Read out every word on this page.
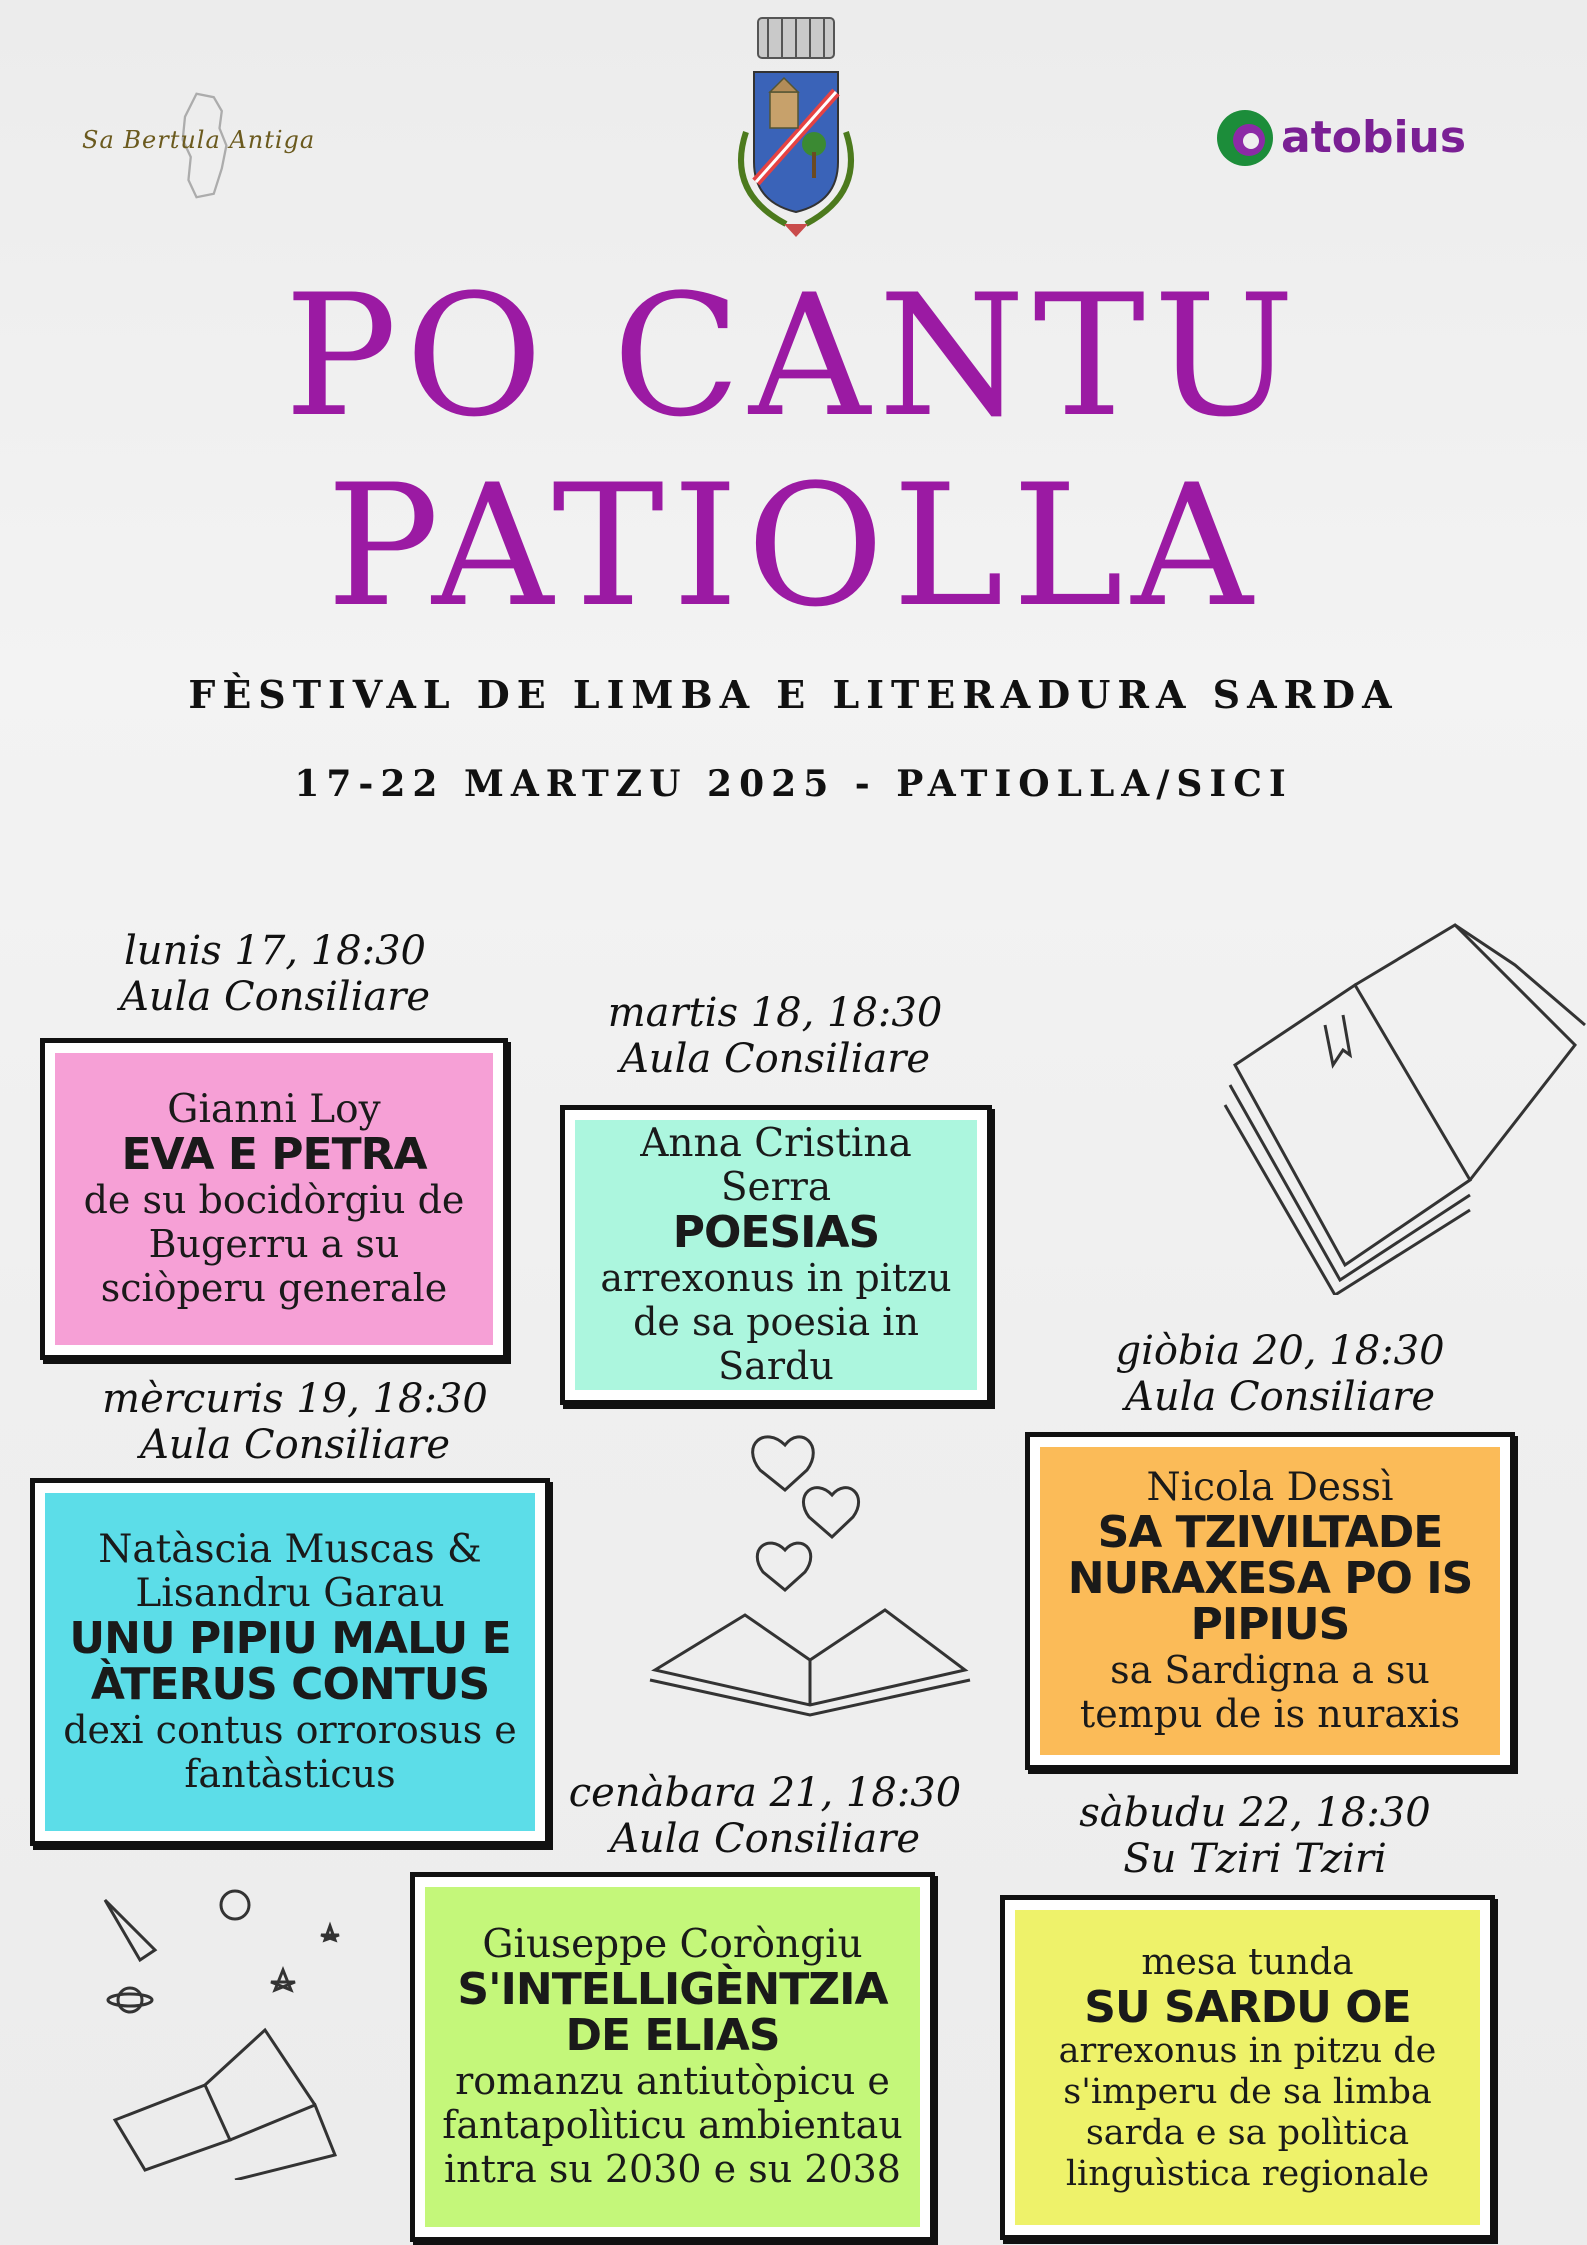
Sa Bertula Antiga	atobius
PO CANTU
PATIOLLA
FÈSTIVAL DE LIMBA E LITERADURA SARDA
17-22 MARTZU 2025 - PATIOLLA/SICI
lunis 17, 18:30
Aula Consiliare
Gianni Loy
EVA E PETRA
de su bocidòrgiu de Bugerru a su sciòperu generale
martis 18, 18:30
Aula Consiliare
Anna Cristina Serra
POESIAS
arrexonus in pitzu de sa poesia in Sardu
mèrcuris 19, 18:30
Aula Consiliare
Natàscia Muscas & Lisandru Garau
UNU PIPIU MALU E ÀTERUS CONTUS
dexi contus orrorosus e fantàsticus
giòbia 20, 18:30
Aula Consiliare
Nicola Dessì
SA TZIVILTADE NURAXESA PO IS PIPIUS
sa Sardigna a su tempu de is nuraxis
cenàbara 21, 18:30
Aula Consiliare
Giuseppe Coròngiu
S'INTELLIGÈNTZIA DE ELIAS
romanzu antiutòpicu e fantapolìticu ambientau intra su 2030 e su 2038
sàbudu 22, 18:30
Su Tziri Tziri
mesa tunda
SU SARDU OE
arrexonus in pitzu de s'imperu de sa limba sarda e sa polìtica linguìstica regionale
